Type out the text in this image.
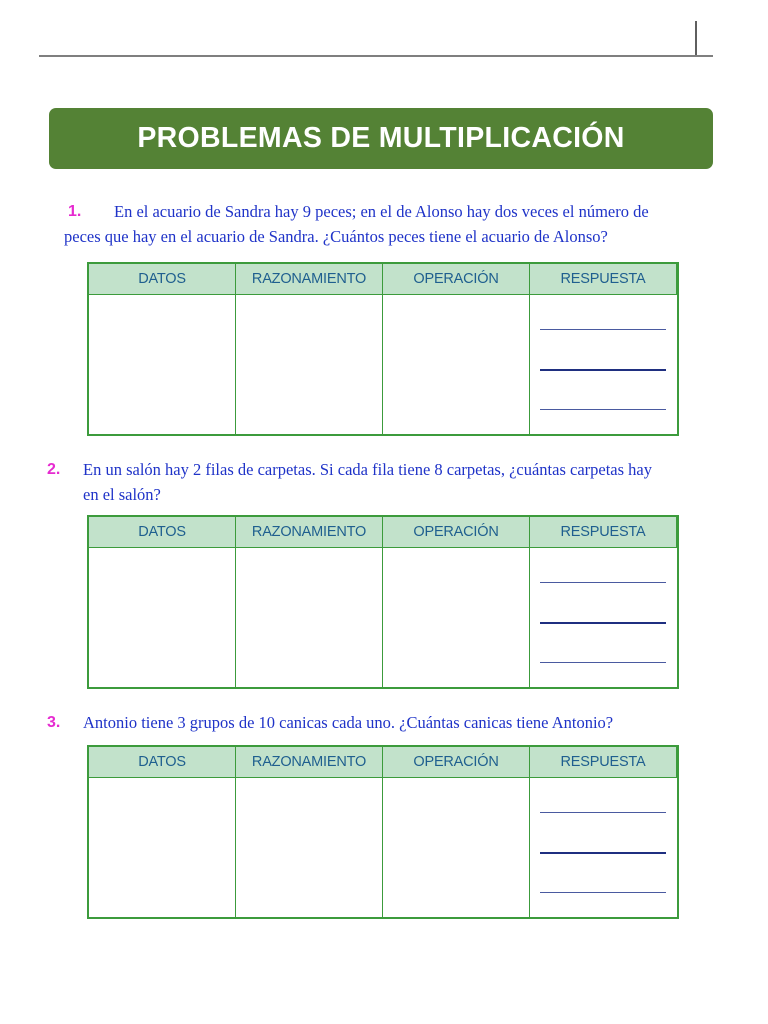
PROBLEMAS DE MULTIPLICACIÓN
1.	En el acuario de Sandra hay 9 peces; en el de Alonso hay dos veces el número de
peces que hay en el acuario de Sandra. ¿Cuántos peces tiene el acuario de Alonso?
DATOS	RAZONAMIENTO	OPERACIÓN	RESPUESTA
2. En un salón hay 2 filas de carpetas. Si cada fila tiene 8 carpetas, ¿cuántas carpetas hay
en el salón?
DATOS	RAZONAMIENTO	OPERACIÓN	RESPUESTA
3. Antonio tiene 3 grupos de 10 canicas cada uno. ¿Cuántas canicas tiene Antonio?
DATOS	RAZONAMIENTO	OPERACIÓN	RESPUESTA
